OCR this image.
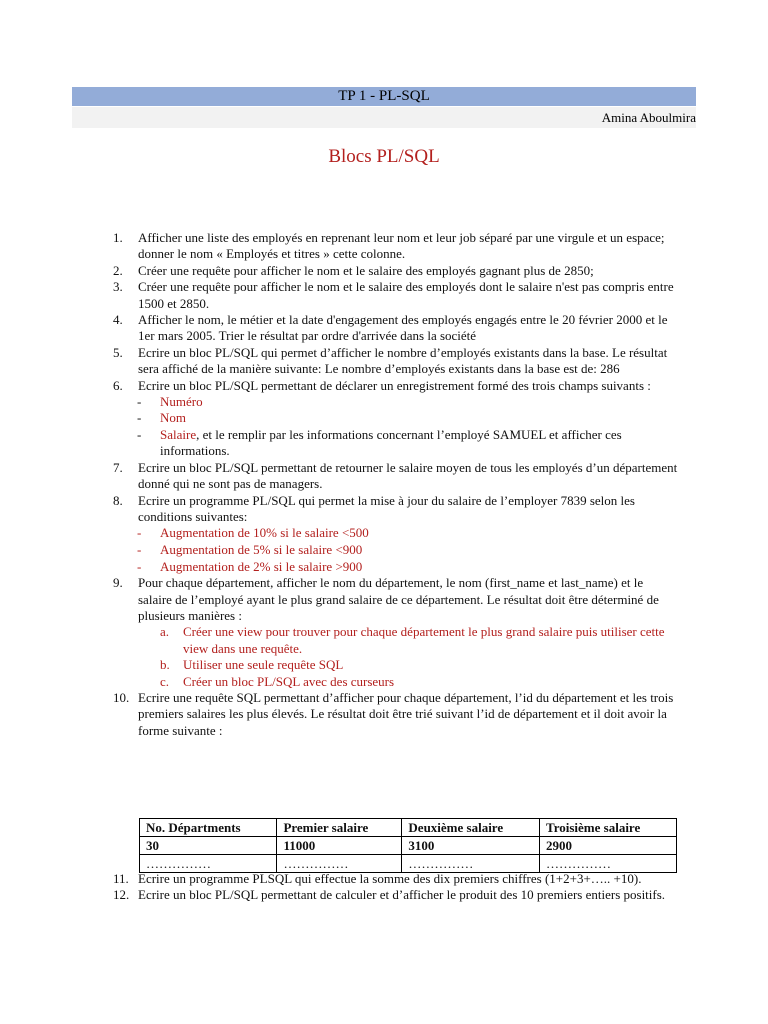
TP 1 - PL-SQL
Amina Aboulmira
Blocs PL/SQL
1. Afficher une liste des employés en reprenant leur nom et leur job séparé par une virgule et un espace; donner le nom « Employés et titres » cette colonne.
2. Créer une requête pour afficher le nom et le salaire des employés gagnant plus de 2850;
3. Créer une requête pour afficher le nom et le salaire des employés dont le salaire n'est pas compris entre 1500 et 2850.
4. Afficher le nom, le métier et la date d'engagement des employés engagés entre le 20 février 2000 et le 1er mars 2005. Trier le résultat par ordre d'arrivée dans la société
5. Ecrire un bloc PL/SQL qui permet d’afficher le nombre d’employés existants dans la base. Le résultat sera affiché de la manière suivante: Le nombre d’employés existants dans la base est de: 286
6. Ecrire un bloc PL/SQL permettant de déclarer un enregistrement formé des trois champs suivants :
- Numéro
- Nom
- Salaire, et le remplir par les informations concernant l’employé SAMUEL et afficher ces informations.
7. Ecrire un bloc PL/SQL permettant de retourner le salaire moyen de tous les employés d’un département donné qui ne sont pas de managers.
8. Ecrire un programme PL/SQL qui permet la mise à jour du salaire de l’employer 7839 selon les conditions suivantes:
- Augmentation de 10% si le salaire <500
- Augmentation de 5% si le salaire <900
- Augmentation de 2% si le salaire >900
9. Pour chaque département, afficher le nom du département, le nom (first_name et last_name) et le salaire de l’employé ayant le plus grand salaire de ce département. Le résultat doit être déterminé de plusieurs manières :
a. Créer une view pour trouver pour chaque département le plus grand salaire puis utiliser cette view dans une requête.
b. Utiliser une seule requête SQL
c. Créer un bloc PL/SQL avec des curseurs
10. Ecrire une requête SQL permettant d’afficher pour chaque département, l’id du département et les trois premiers salaires les plus élevés. Le résultat doit être trié suivant l’id de département et il doit avoir la forme suivante :
No. Départments	Premier salaire	Deuxième salaire	Troisième salaire
30	11000	3100	2900
……………	……………	……………	……………
11. Ecrire un programme PLSQL qui effectue la somme des dix premiers chiffres (1+2+3+….. +10).
12. Ecrire un bloc PL/SQL permettant de calculer et d’afficher le produit des 10 premiers entiers positifs.
